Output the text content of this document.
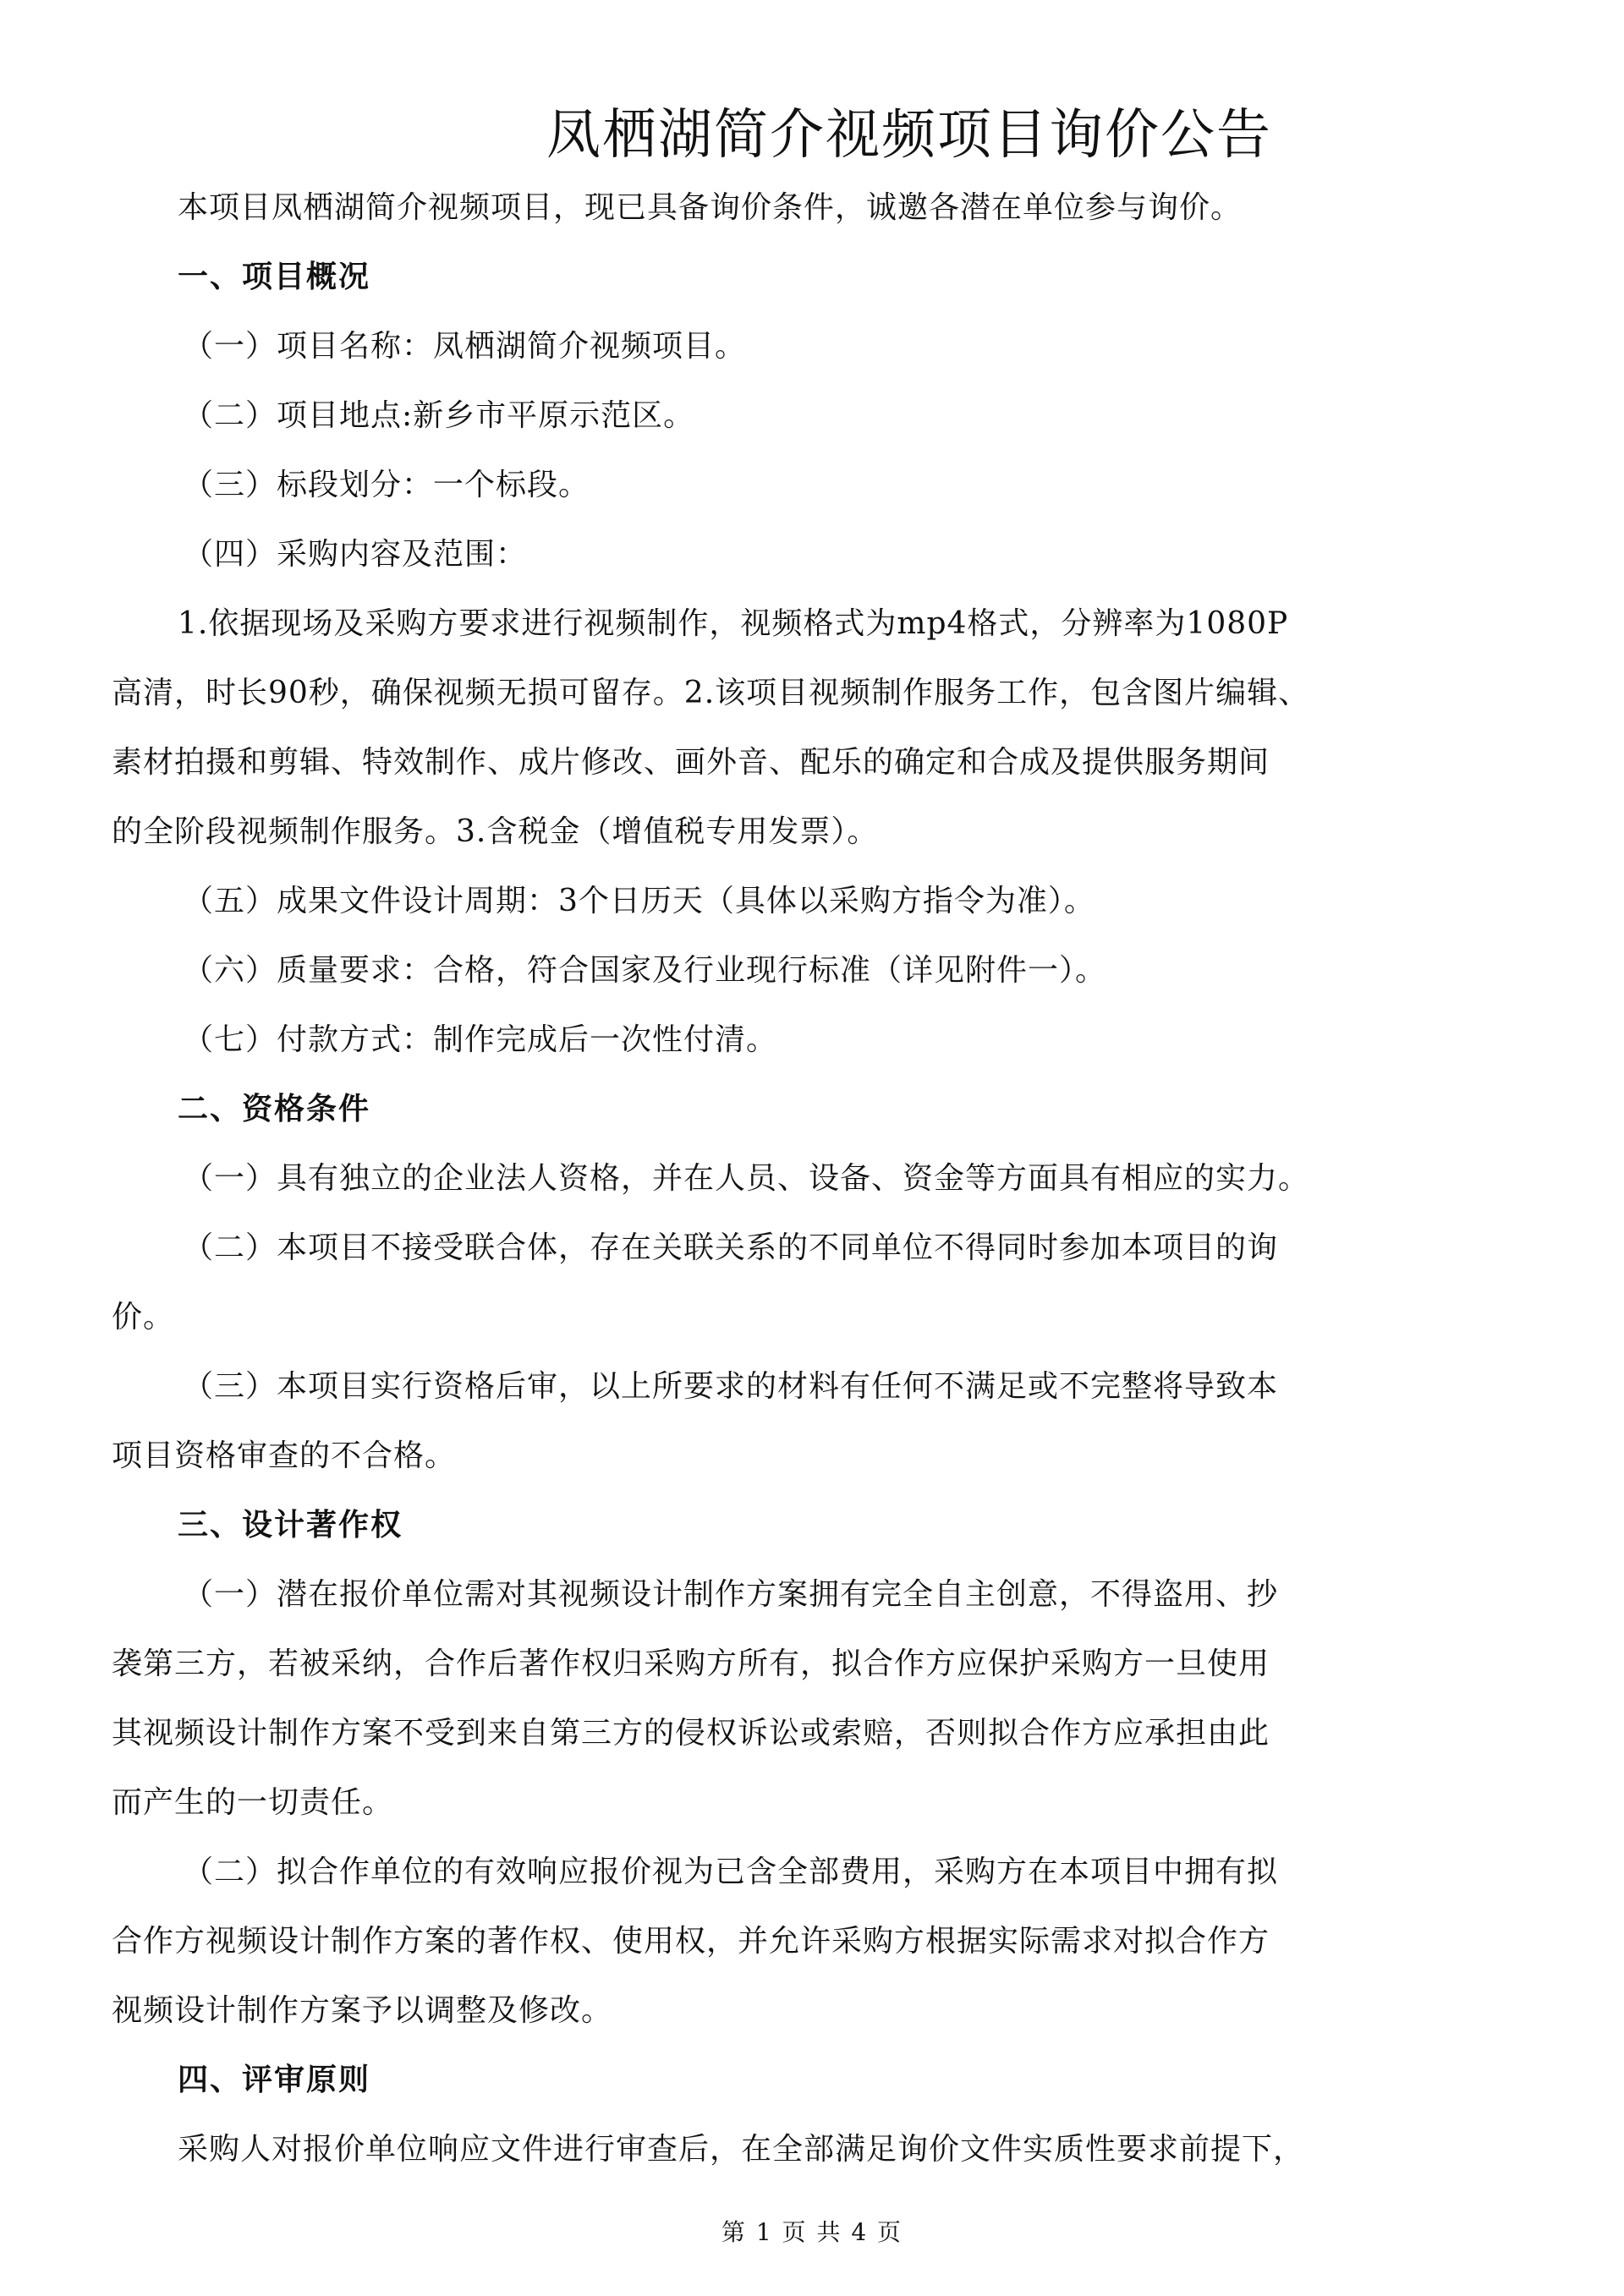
凤栖湖简介视频项目询价公告

本项目凤栖湖简介视频项目，现已具备询价条件，诚邀各潜在单位参与询价。

一、项目概况

（一）项目名称：凤栖湖简介视频项目。

（二）项目地点:新乡市平原示范区。

（三）标段划分：一个标段。

（四）采购内容及范围：

1.依据现场及采购方要求进行视频制作，视频格式为mp4格式，分辨率为1080P

高清，时长90秒，确保视频无损可留存。2.该项目视频制作服务工作，包含图片编辑、

素材拍摄和剪辑、特效制作、成片修改、画外音、配乐的确定和合成及提供服务期间

的全阶段视频制作服务。3.含税金（增值税专用发票）。

（五）成果文件设计周期：3个日历天（具体以采购方指令为准）。

（六）质量要求：合格，符合国家及行业现行标准（详见附件一）。

（七）付款方式：制作完成后一次性付清。

二、资格条件

（一）具有独立的企业法人资格，并在人员、设备、资金等方面具有相应的实力。

（二）本项目不接受联合体，存在关联关系的不同单位不得同时参加本项目的询

价。

（三）本项目实行资格后审，以上所要求的材料有任何不满足或不完整将导致本

项目资格审查的不合格。

三、设计著作权

（一）潜在报价单位需对其视频设计制作方案拥有完全自主创意，不得盗用、抄

袭第三方，若被采纳，合作后著作权归采购方所有，拟合作方应保护采购方一旦使用

其视频设计制作方案不受到来自第三方的侵权诉讼或索赔，否则拟合作方应承担由此

而产生的一切责任。

（二）拟合作单位的有效响应报价视为已含全部费用，采购方在本项目中拥有拟

合作方视频设计制作方案的著作权、使用权，并允许采购方根据实际需求对拟合作方

视频设计制作方案予以调整及修改。

四、评审原则

采购人对报价单位响应文件进行审查后，在全部满足询价文件实质性要求前提下，

第 1 页 共 4 页
